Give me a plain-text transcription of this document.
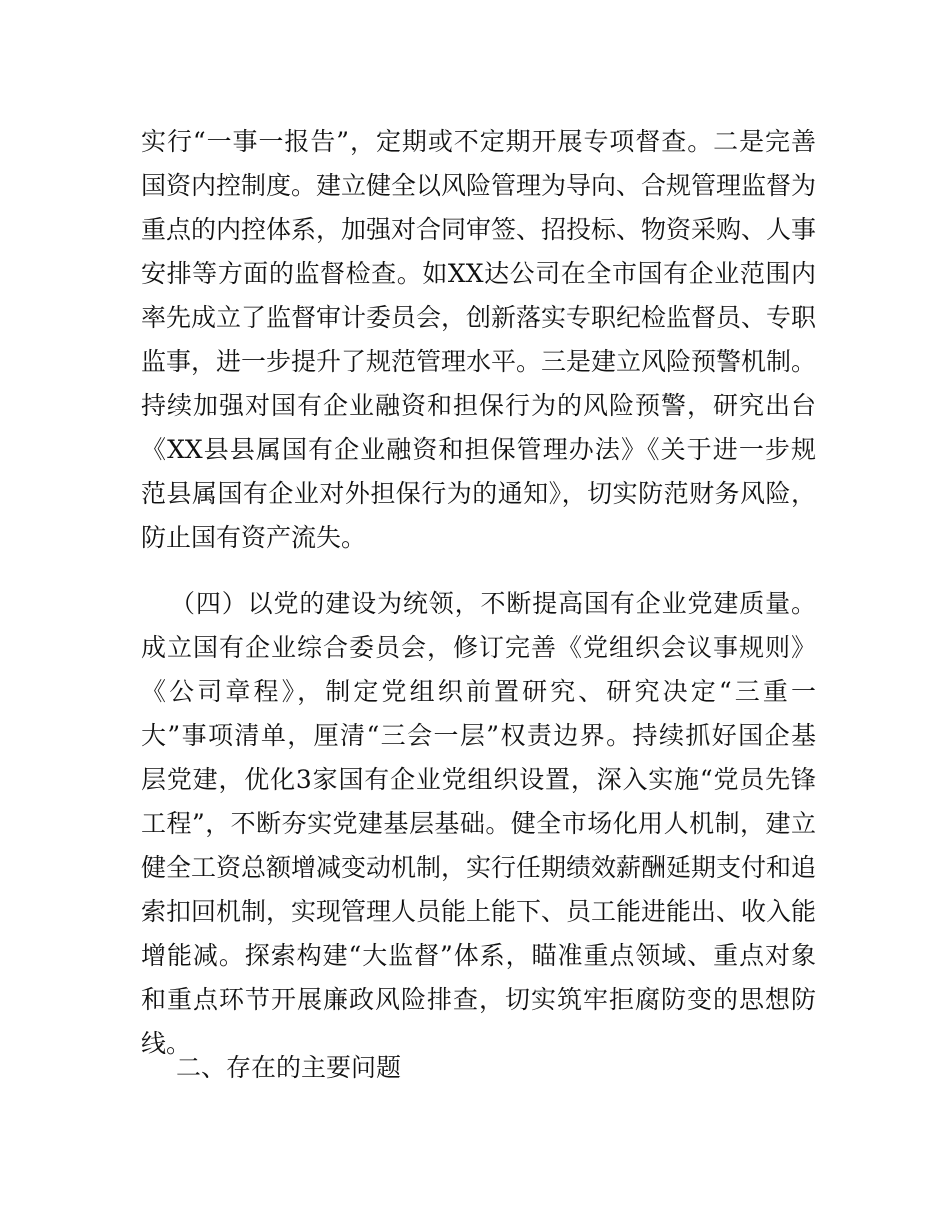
实行“一事一报告”，定期或不定期开展专项督查。二是完善
国资内控制度。建立健全以风险管理为导向、合规管理监督为
重点的内控体系，加强对合同审签、招投标、物资采购、人事
安排等方面的监督检查。如XX达公司在全市国有企业范围内
率先成立了监督审计委员会，创新落实专职纪检监督员、专职
监事，进一步提升了规范管理水平。三是建立风险预警机制。
持续加强对国有企业融资和担保行为的风险预警，研究出台
《XX县县属国有企业融资和担保管理办法》《关于进一步规
范县属国有企业对外担保行为的通知》，切实防范财务风险，
防止国有资产流失。
（四）以党的建设为统领，不断提高国有企业党建质量。
成立国有企业综合委员会，修订完善《党组织会议事规则》
《公司章程》，制定党组织前置研究、研究决定“三重一
大”事项清单，厘清“三会一层”权责边界。持续抓好国企基
层党建，优化3家国有企业党组织设置，深入实施“党员先锋
工程”，不断夯实党建基层基础。健全市场化用人机制，建立
健全工资总额增减变动机制，实行任期绩效薪酬延期支付和追
索扣回机制，实现管理人员能上能下、员工能进能出、收入能
增能减。探索构建“大监督”体系，瞄准重点领域、重点对象
和重点环节开展廉政风险排查，切实筑牢拒腐防变的思想防
线。
二、存在的主要问题
